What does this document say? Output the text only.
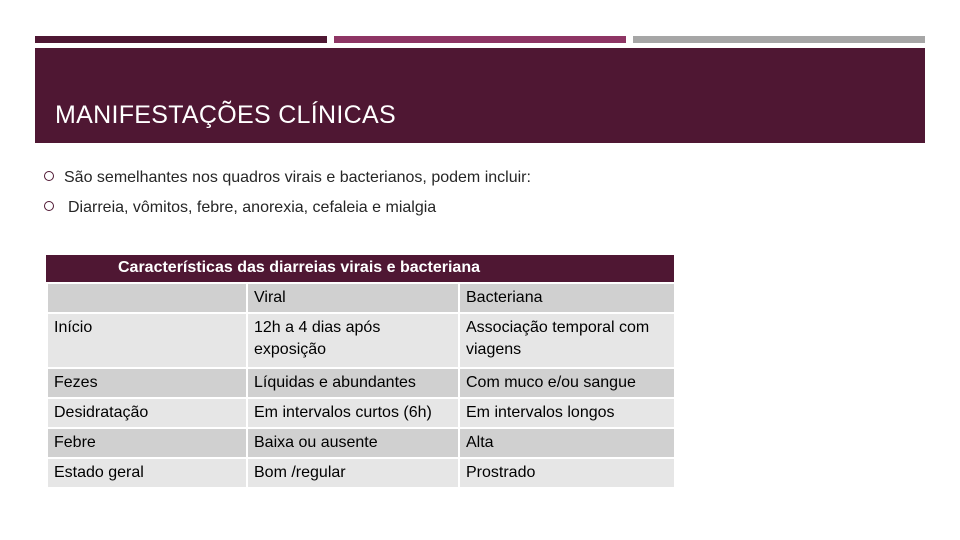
MANIFESTAÇÕES CLÍNICAS
São semelhantes nos quadros virais e bacterianos, podem incluir:
Diarreia, vômitos, febre, anorexia, cefaleia e mialgia
Características das diarreias virais e bacteriana
	Viral	Bacteriana
Início	12h a 4 dias após exposição	Associação temporal com viagens
Fezes	Líquidas e abundantes	Com muco e/ou sangue
Desidratação	Em intervalos curtos (6h)	Em intervalos longos
Febre	Baixa ou ausente	Alta
Estado geral	Bom /regular	Prostrado
